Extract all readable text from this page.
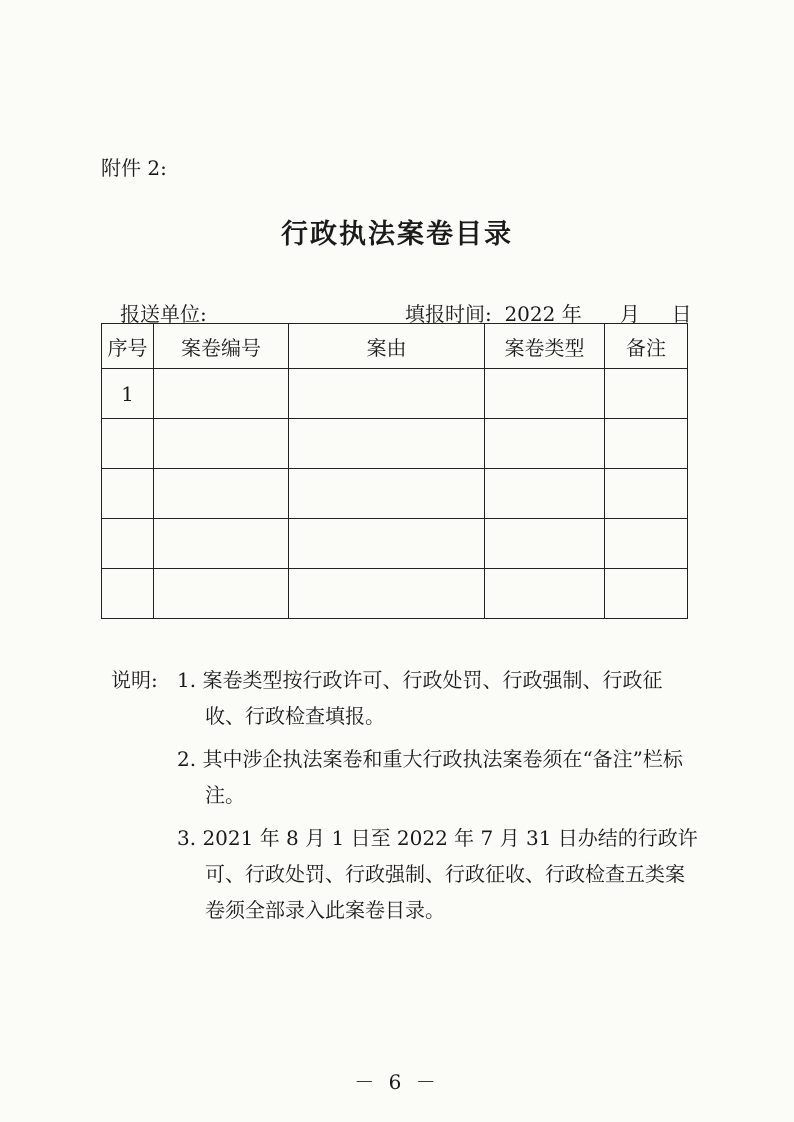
附件 2:
行政执法案卷目录
报送单位:	填报时间:  2022 年      月     日
序号	案卷编号	案由	案卷类型	备注
1				

说明: 1. 案卷类型按行政许可、行政处罚、行政强制、行政征收、行政检查填报。
2. 其中涉企执法案卷和重大行政执法案卷须在“备注”栏标注。
3. 2021 年 8 月 1 日至 2022 年 7 月 31 日办结的行政许可、行政处罚、行政强制、行政征收、行政检查五类案卷须全部录入此案卷目录。
－ 6 －
